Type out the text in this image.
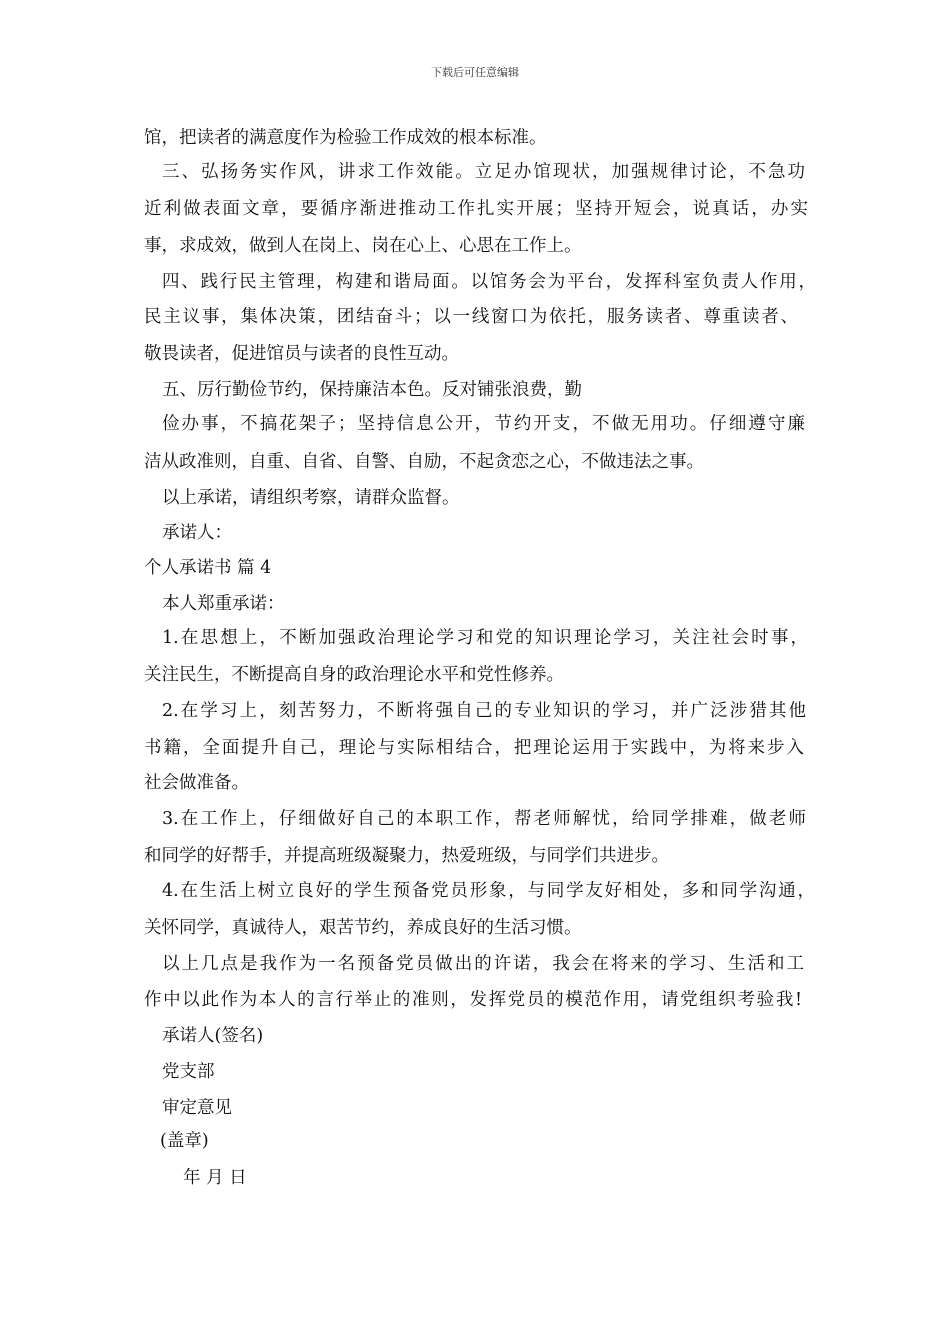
下载后可任意编辑
馆，把读者的满意度作为检验工作成效的根本标准。
三、弘扬务实作风，讲求工作效能。立足办馆现状，加强规律讨论，不急功
近利做表面文章，要循序渐进推动工作扎实开展；坚持开短会，说真话，办实
事，求成效，做到人在岗上、岗在心上、心思在工作上。
四、践行民主管理，构建和谐局面。以馆务会为平台，发挥科室负责人作用，
民主议事，集体决策，团结奋斗；以一线窗口为依托，服务读者、尊重读者、
敬畏读者，促进馆员与读者的良性互动。
五、厉行勤俭节约，保持廉洁本色。反对铺张浪费，勤
俭办事，不搞花架子；坚持信息公开，节约开支，不做无用功。仔细遵守廉
洁从政准则，自重、自省、自警、自励，不起贪恋之心，不做违法之事。
以上承诺，请组织考察，请群众监督。
承诺人：
个人承诺书 篇 4
本人郑重承诺：
1.在思想上，不断加强政治理论学习和党的知识理论学习，关注社会时事，
关注民生，不断提高自身的政治理论水平和党性修养。
2.在学习上，刻苦努力，不断将强自己的专业知识的学习，并广泛涉猎其他
书籍，全面提升自己，理论与实际相结合，把理论运用于实践中，为将来步入
社会做准备。
3.在工作上，仔细做好自己的本职工作，帮老师解忧，给同学排难，做老师
和同学的好帮手，并提高班级凝聚力，热爱班级，与同学们共进步。
4.在生活上树立良好的学生预备党员形象，与同学友好相处，多和同学沟通，
关怀同学，真诚待人，艰苦节约，养成良好的生活习惯。
以上几点是我作为一名预备党员做出的许诺，我会在将来的学习、生活和工
作中以此作为本人的言行举止的准则，发挥党员的模范作用，请党组织考验我!
承诺人(签名)
党支部
审定意见
(盖章)
年 月 日
